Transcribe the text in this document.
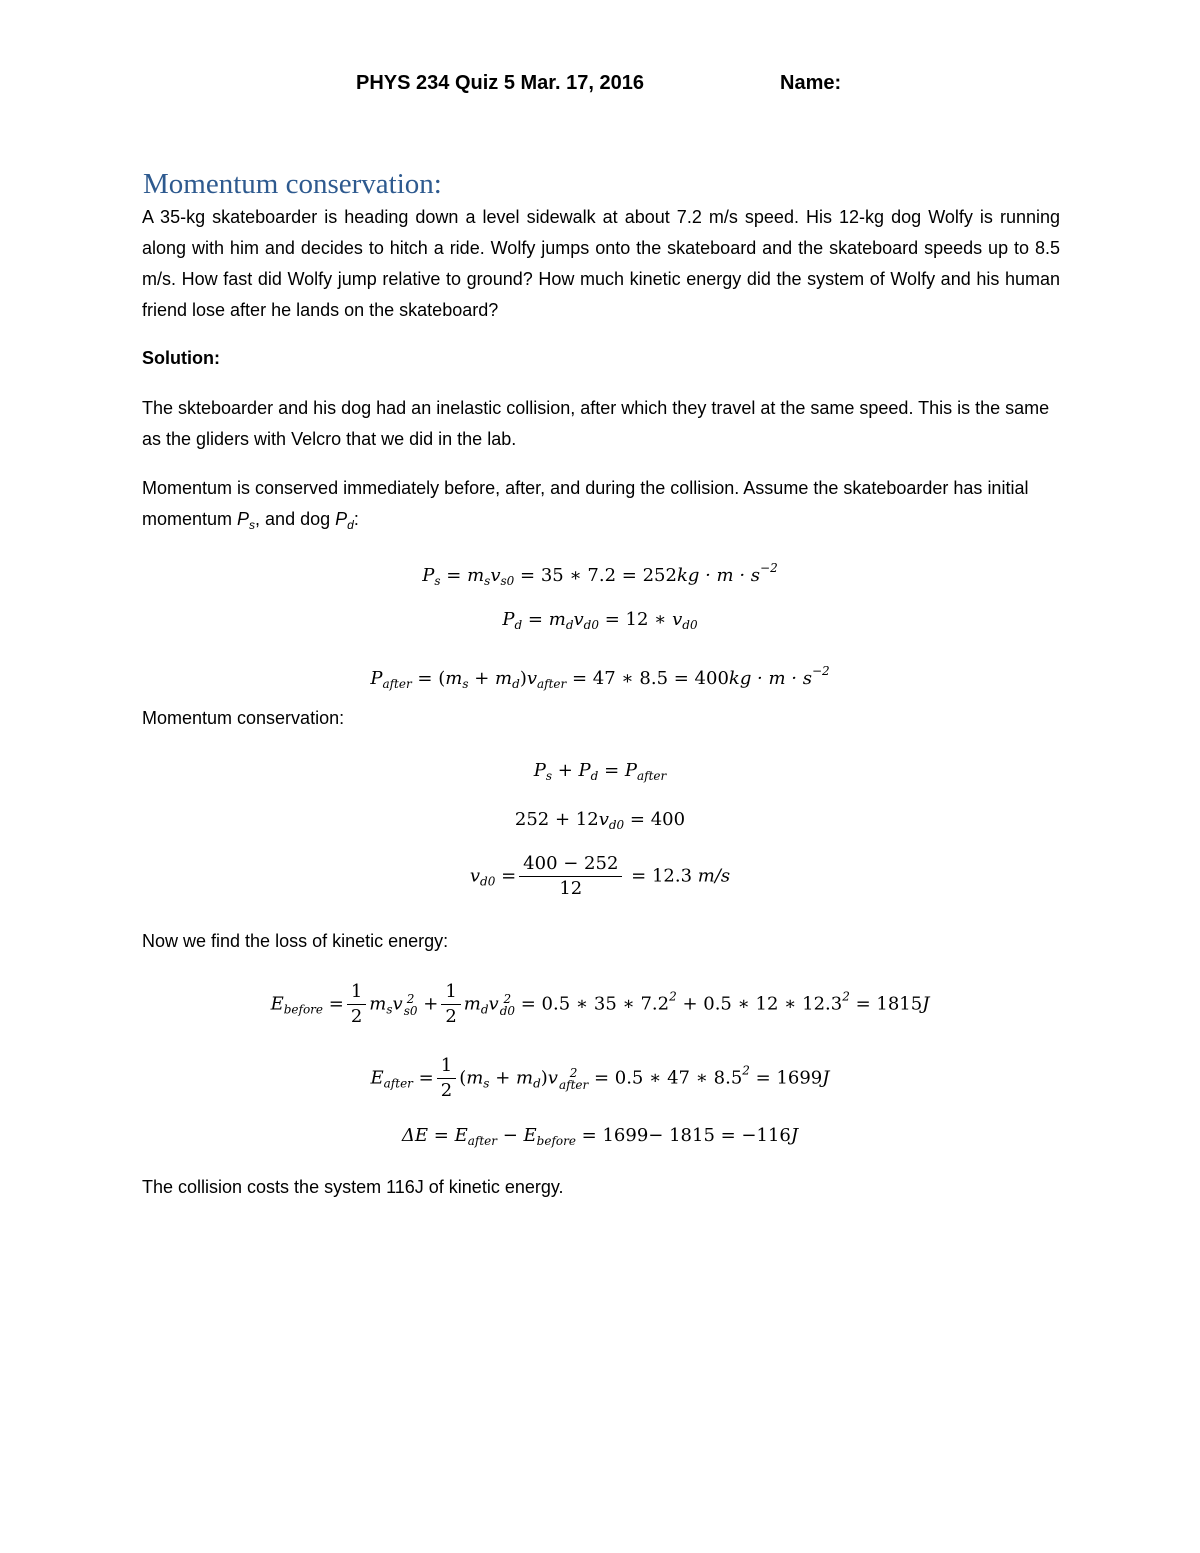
PHYS 234 Quiz 5 Mar. 17, 2016	Name:
Momentum conservation:
A 35-kg skateboarder is heading down a level sidewalk at about 7.2 m/s speed. His 12-kg dog Wolfy is running along with him and decides to hitch a ride. Wolfy jumps onto the skateboard and the skateboard speeds up to 8.5 m/s. How fast did Wolfy jump relative to ground? How much kinetic energy did the system of Wolfy and his human friend lose after he lands on the skateboard?
Solution:
The skteboarder and his dog had an inelastic collision, after which they travel at the same speed. This is the same as the gliders with Velcro that we did in the lab.
Momentum is conserved immediately before, after, and during the collision. Assume the skateboarder has initial momentum $P_s$, and dog $P_d$:
$P_s = m_sv_{s0} = 35$ ∗ $7.2 = 252kg \cdot m \cdot s^{-2}$
$P_d = m_dv_{d0} = 12$ ∗ $v_{d0}$
$P_{after} = (m_s + m_d)v_{after} = 47$ ∗ $8.5 = 400kg \cdot m \cdot s^{-2}$
Momentum conservation:
$P_s + P_d = P_{after}$
$252 + 12v_{d0} = 400$
$v_{d0} = \frac{400 - 252}{12} = 12.3$ m/s
Now we find the loss of kinetic energy:
$E_{before} = \frac{1}{2} m_sv$ 2
$s0 + \frac{1}{2} m_dv$ 2
d0 = 0.5 ∗ 35 ∗ $7.2^2 + 0.5$ ∗ 12 ∗ $12.3^2 = 1815J$
$E_{after} = \frac{1}{2} (m_s + m_d)v$ 2
after = 0.5 ∗ 47 ∗ $8.5^2 = 1699J$
$\Delta E = E_{after} - E_{before} = 1699- 1815 = -116J$
The collision costs the system 116J of kinetic energy.
